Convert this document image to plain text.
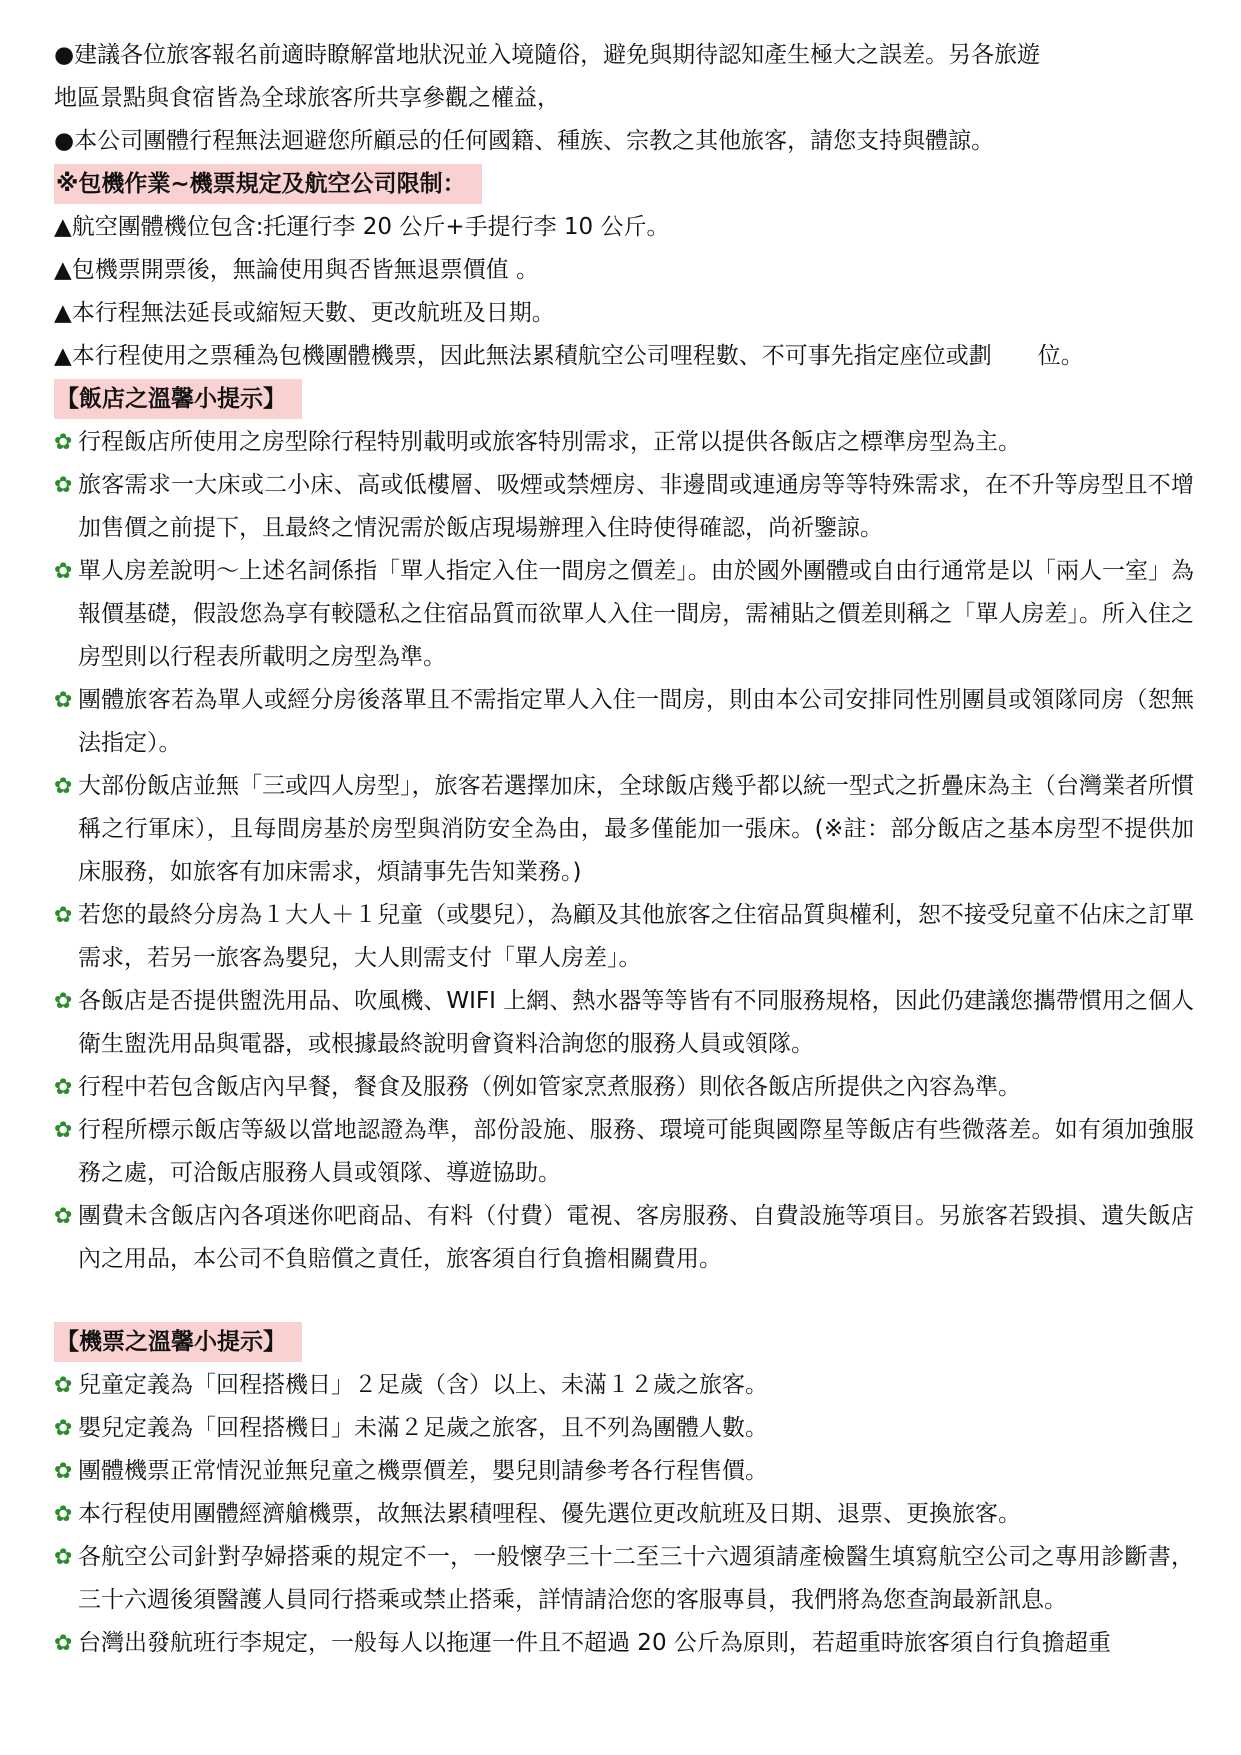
●建議各位旅客報名前適時瞭解當地狀況並入境隨俗，避免與期待認知產生極大之誤差。另各旅遊
地區景點與食宿皆為全球旅客所共享參觀之權益，
●本公司團體行程無法迴避您所顧忌的任何國籍、種族、宗教之其他旅客，請您支持與體諒。
※包機作業~機票規定及航空公司限制：
▲航空團體機位包含:托運行李 20 公斤+手提行李 10 公斤。
▲包機票開票後，無論使用與否皆無退票價值 。
▲本行程無法延長或縮短天數、更改航班及日期。
▲本行程使用之票種為包機團體機票，因此無法累積航空公司哩程數、不可事先指定座位或劃　　位。
【飯店之溫馨小提示】
✿ 行程飯店所使用之房型除行程特別載明或旅客特別需求，正常以提供各飯店之標準房型為主。
✿ 旅客需求一大床或二小床、高或低樓層、吸煙或禁煙房、非邊間或連通房等等特殊需求，在不升等房型且不增加售價之前提下，且最終之情況需於飯店現場辦理入住時使得確認，尚祈鑒諒。
✿ 單人房差說明～上述名詞係指「單人指定入住一間房之價差」。由於國外團體或自由行通常是以「兩人一室」為報價基礎，假設您為享有較隱私之住宿品質而欲單人入住一間房，需補貼之價差則稱之「單人房差」。所入住之房型則以行程表所載明之房型為準。
✿ 團體旅客若為單人或經分房後落單且不需指定單人入住一間房，則由本公司安排同性別團員或領隊同房（恕無法指定）。
✿ 大部份飯店並無「三或四人房型」，旅客若選擇加床，全球飯店幾乎都以統一型式之折疊床為主（台灣業者所慣稱之行軍床），且每間房基於房型與消防安全為由，最多僅能加一張床。(※註：部分飯店之基本房型不提供加床服務，如旅客有加床需求，煩請事先告知業務。)
✿ 若您的最終分房為１大人＋１兒童（或嬰兒），為顧及其他旅客之住宿品質與權利，恕不接受兒童不佔床之訂單需求，若另一旅客為嬰兒，大人則需支付「單人房差」。
✿ 各飯店是否提供盥洗用品、吹風機、WIFI 上網、熱水器等等皆有不同服務規格，因此仍建議您攜帶慣用之個人衛生盥洗用品與電器，或根據最終說明會資料洽詢您的服務人員或領隊。
✿ 行程中若包含飯店內早餐，餐食及服務（例如管家烹煮服務）則依各飯店所提供之內容為準。
✿ 行程所標示飯店等級以當地認證為準，部份設施、服務、環境可能與國際星等飯店有些微落差。如有須加強服務之處，可洽飯店服務人員或領隊、導遊協助。
✿ 團費未含飯店內各項迷你吧商品、有料（付費）電視、客房服務、自費設施等項目。另旅客若毀損、遺失飯店內之用品，本公司不負賠償之責任，旅客須自行負擔相關費用。
【機票之溫馨小提示】
✿ 兒童定義為「回程搭機日」２足歲（含）以上、未滿１２歲之旅客。
✿ 嬰兒定義為「回程搭機日」未滿２足歲之旅客，且不列為團體人數。
✿ 團體機票正常情況並無兒童之機票價差，嬰兒則請參考各行程售價。
✿ 本行程使用團體經濟艙機票，故無法累積哩程、優先選位更改航班及日期、退票、更換旅客。
✿ 各航空公司針對孕婦搭乘的規定不一，一般懷孕三十二至三十六週須請產檢醫生填寫航空公司之專用診斷書，三十六週後須醫護人員同行搭乘或禁止搭乘，詳情請洽您的客服專員，我們將為您查詢最新訊息。
✿ 台灣出發航班行李規定，一般每人以拖運一件且不超過 20 公斤為原則，若超重時旅客須自行負擔超重
